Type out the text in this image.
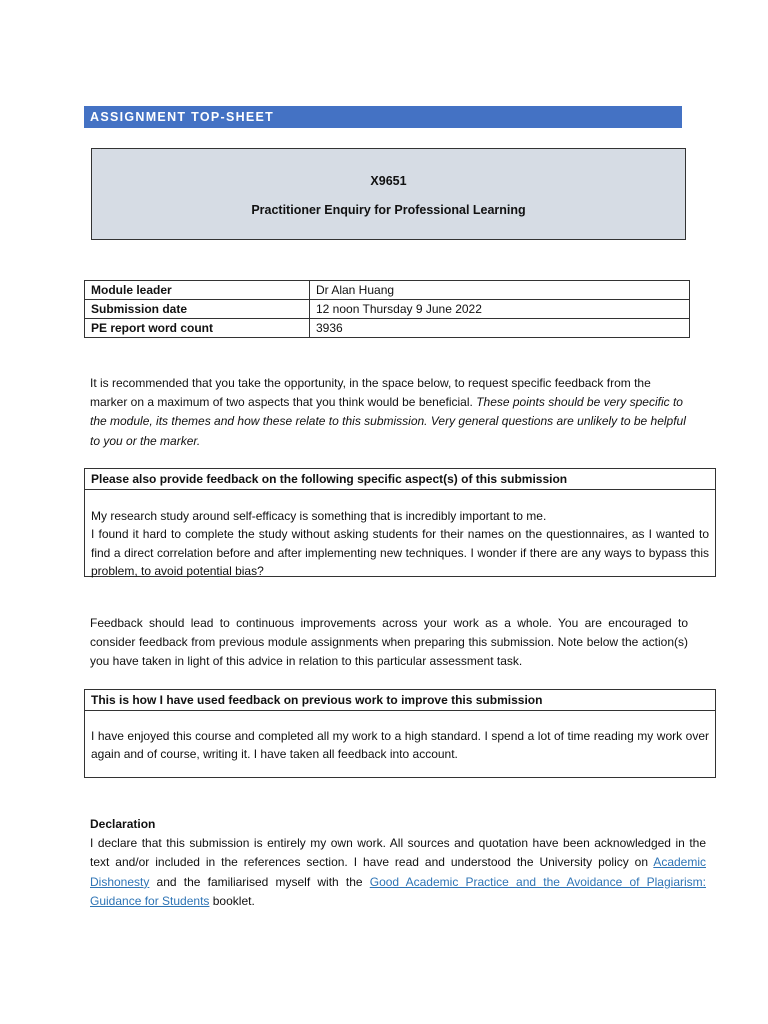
ASSIGNMENT TOP-SHEET
X9651
Practitioner Enquiry for Professional Learning
Module leader	Dr Alan Huang
Submission date	12 noon Thursday 9 June 2022
PE report word count	3936
It is recommended that you take the opportunity, in the space below, to request specific feedback from the marker on a maximum of two aspects that you think would be beneficial. These points should be very specific to the module, its themes and how these relate to this submission. Very general questions are unlikely to be helpful to you or the marker.
Please also provide feedback on the following specific aspect(s) of this submission

My research study around self-efficacy is something that is incredibly important to me.

I found it hard to complete the study without asking students for their names on the questionnaires, as I wanted to find a direct correlation before and after implementing new techniques. I wonder if there are any ways to bypass this problem, to avoid potential bias?

Feedback should lead to continuous improvements across your work as a whole. You are encouraged to consider feedback from previous module assignments when preparing this submission. Note below the action(s) you have taken in light of this advice in relation to this particular assessment task.
This is how I have used feedback on previous work to improve this submission

I have enjoyed this course and completed all my work to a high standard. I spend a lot of time reading my work over again and of course, writing it. I have taken all feedback into account.

Declaration
I declare that this submission is entirely my own work. All sources and quotation have been acknowledged in the text and/or included in the references section. I have read and understood the University policy on Academic Dishonesty and the familiarised myself with the Good Academic Practice and the Avoidance of Plagiarism: Guidance for Students booklet.
